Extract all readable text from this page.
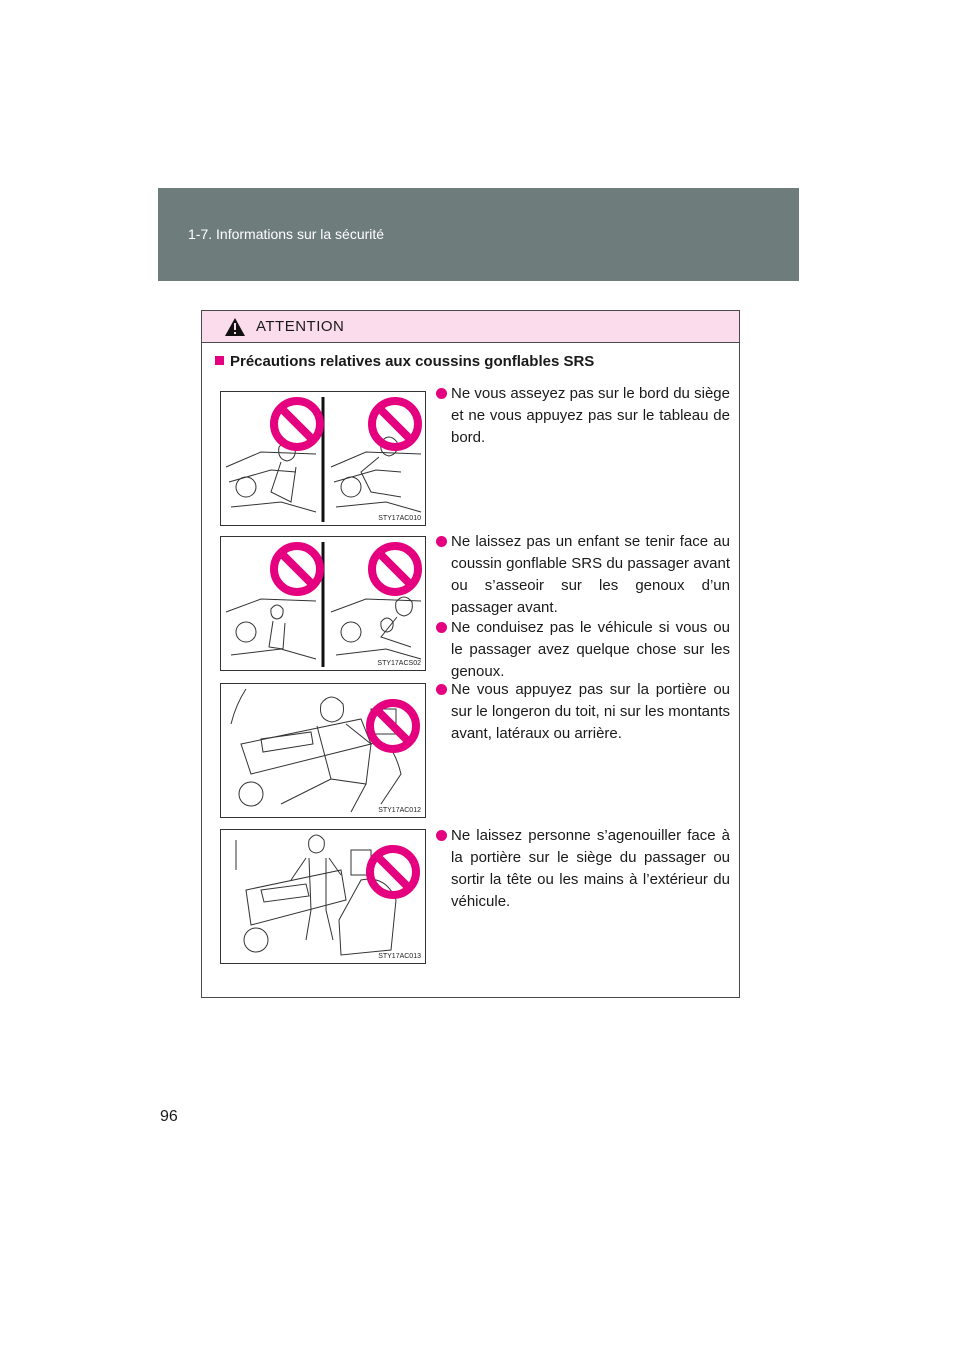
1-7. Informations sur la sécurité
ATTENTION
Précautions relatives aux coussins gonflables SRS
STY17AC010
STY17ACS02
STY17AC012
STY17AC013
Ne vous asseyez pas sur le bord du siège et ne vous appuyez pas sur le tableau de bord.
Ne laissez pas un enfant se tenir face au coussin gonflable SRS du passager avant ou s’asseoir sur les genoux d’un passager avant.
Ne conduisez pas le véhicule si vous ou le passager avez quelque chose sur les genoux.
Ne vous appuyez pas sur la portière ou sur le longeron du toit, ni sur les montants avant, latéraux ou arrière.
Ne laissez personne s’agenouiller face à la portière sur le siège du passager ou sortir la tête ou les mains à l’extérieur du véhicule.
96
